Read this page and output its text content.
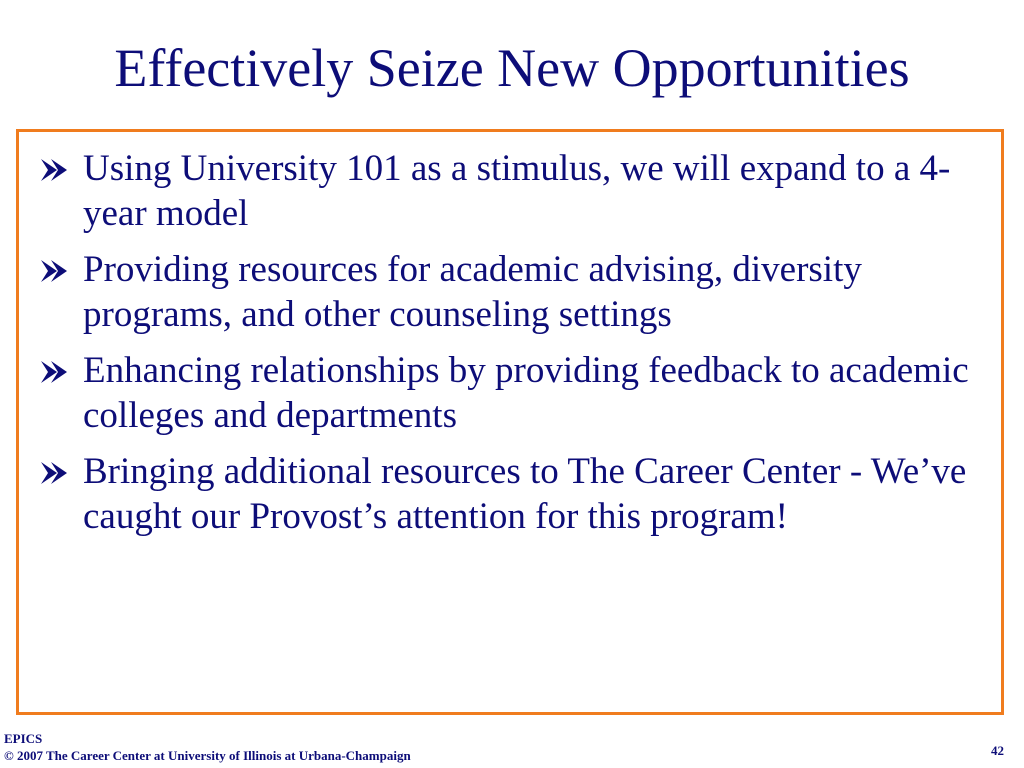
Effectively Seize New Opportunities
Using University 101 as a stimulus, we will expand to a 4-year model
Providing resources for academic advising, diversity programs, and other counseling settings
Enhancing relationships by providing feedback to academic colleges and departments
Bringing additional resources to The Career Center - We’ve caught our Provost’s attention for this program!
EPICS
© 2007 The Career Center at University of Illinois at Urbana-Champaign	42
